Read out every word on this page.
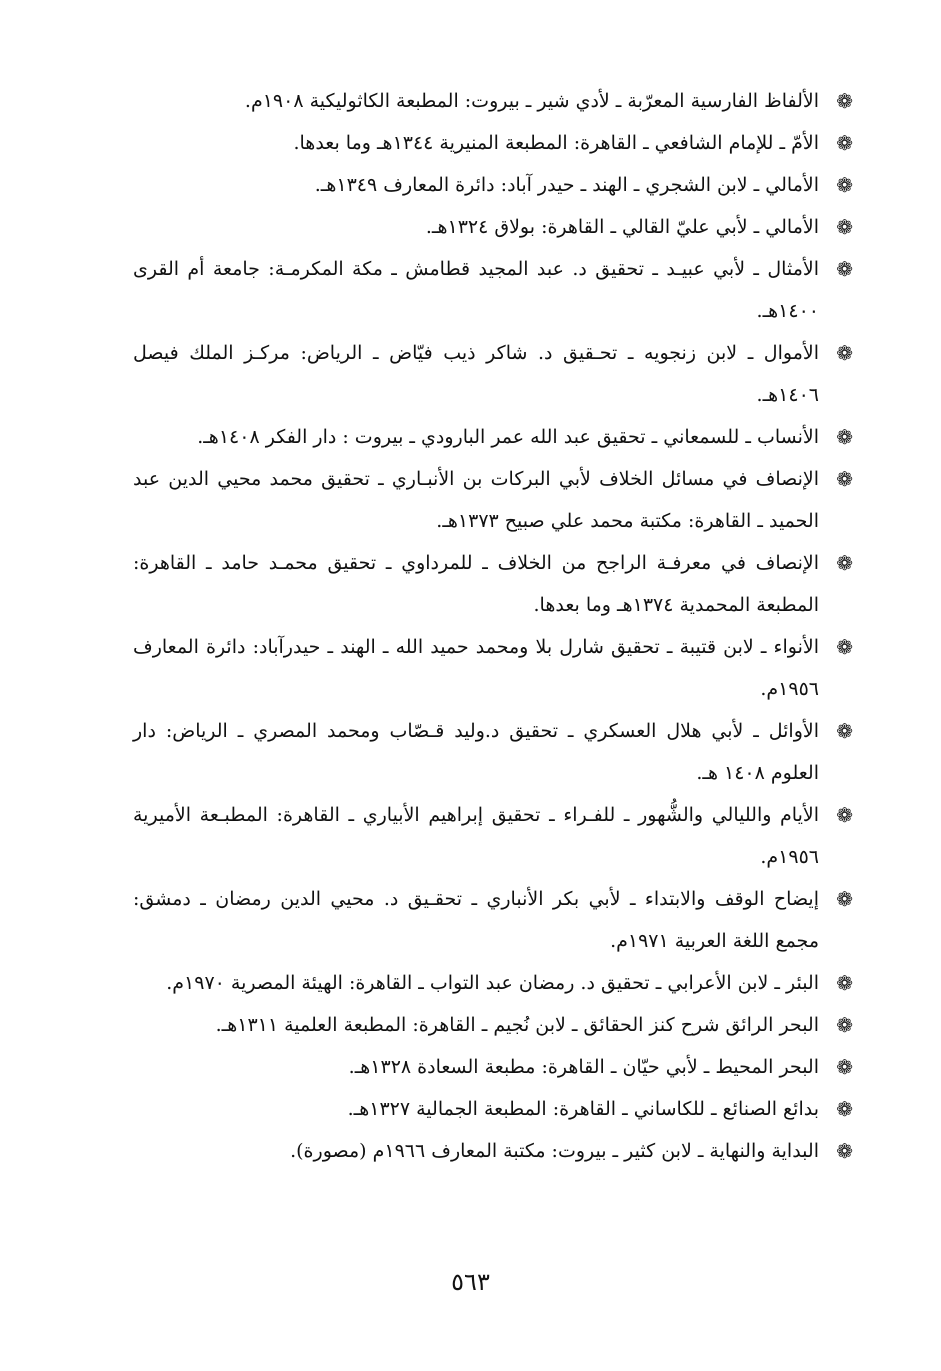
❁
الألفاظ الفارسية المعرّبة ـ لأدي شير ـ بيروت: المطبعة الكاثوليكية ١٩٠٨م.
❁
الأمّ ـ للإمام الشافعي ـ القاهرة: المطبعة المنيرية ١٣٤٤هـ وما بعدها.
❁
الأمالي ـ لابن الشجري ـ الهند ـ حيدر آباد: دائرة المعارف ١٣٤٩هـ.
❁
الأمالي ـ لأبي عليّ القالي ـ القاهرة: بولاق ١٣٢٤هـ.
❁
الأمثال ـ لأبي عبيـد ـ تحقيق د. عبد المجيد قطامش ـ مكة المكرمـة: جامعة أم القرى ١٤٠٠هـ.
❁
الأموال ـ لابن زنجويه ـ تحـقيق د. شاكر ذيب فيّاض ـ الرياض: مركـز الملك فيصل ١٤٠٦هـ.
❁
الأنساب ـ للسمعاني ـ تحقيق عبد الله عمر البارودي ـ بيروت : دار الفكر ١٤٠٨هـ.
❁
الإنصاف في مسائل الخلاف لأبي البركات بن الأنبـاري ـ تحقيق محمد محيي الدين عبد الحميد ـ القاهرة: مكتبة محمد علي صبيح ١٣٧٣هـ.
❁
الإنصاف في معرفـة الراجح من الخلاف ـ للمرداوي ـ تحقيق محمـد حامد ـ القاهرة: المطبعة المحمدية ١٣٧٤هـ وما بعدها.
❁
الأنواء ـ لابن قتيبة ـ تحقيق شارل بلا ومحمد حميد الله ـ الهند ـ حيدرآباد: دائرة المعارف ١٩٥٦م.
❁
الأوائل ـ لأبي هلال العسكري ـ تحقيق د.وليد قـصّاب ومحمد المصري ـ الرياض: دار العلوم ١٤٠٨ هـ.
❁
الأيام والليالي والشُّهور ـ للفـراء ـ تحقيق إبراهيم الأبياري ـ القاهرة: المطبـعة الأميرية ١٩٥٦م.
❁
إيضاح الوقف والابتداء ـ لأبي بكر الأنباري ـ تحقـيق د. محيي الدين رمضان ـ دمشق: مجمع اللغة العربية ١٩٧١م.
❁
البئر ـ لابن الأعرابي ـ تحقيق د. رمضان عبد التواب ـ القاهرة: الهيئة المصرية ١٩٧٠م.
❁
البحر الرائق شرح كنز الحقائق ـ لابن نُجيم ـ القاهرة: المطبعة العلمية ١٣١١هـ.
❁
البحر المحيط ـ لأبي حيّان ـ القاهرة: مطبعة السعادة ١٣٢٨هـ.
❁
بدائع الصنائع ـ للكاساني ـ القاهرة: المطبعة الجمالية ١٣٢٧هـ.
❁
البداية والنهاية ـ لابن كثير ـ بيروت: مكتبة المعارف ١٩٦٦م (مصورة).
٥٦٣
